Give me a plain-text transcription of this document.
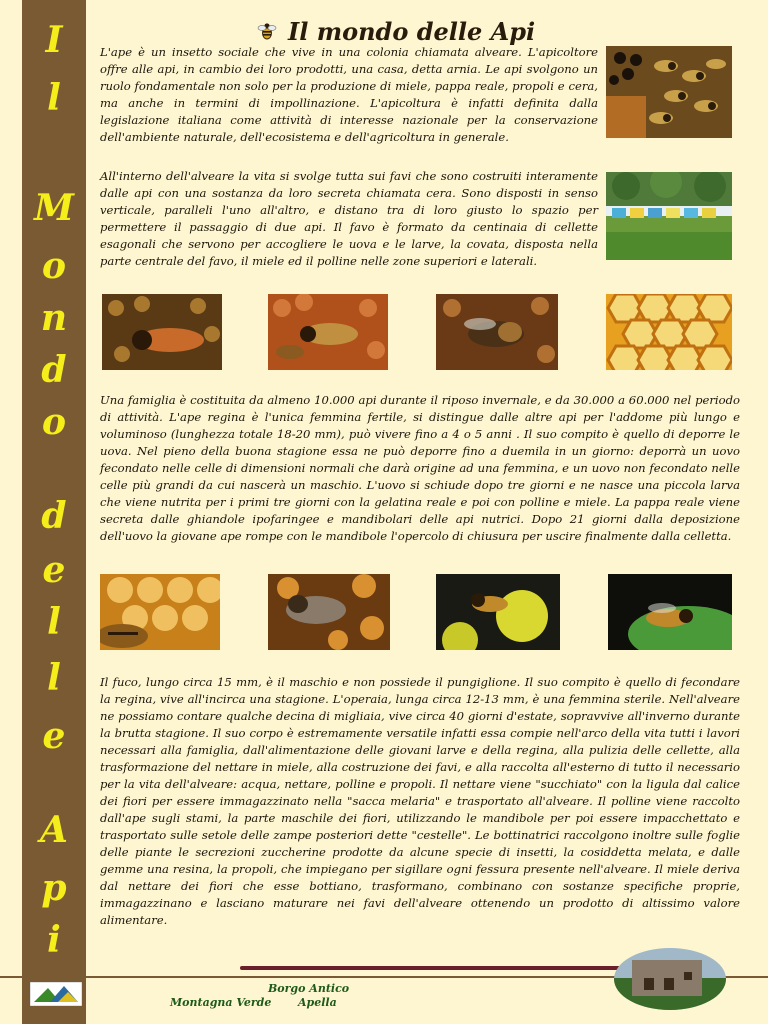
I
l
M
o
n
d
o
d
e
l
l
e
A
p
i
Il mondo delle Api
L'ape è un insetto sociale che vive in una colonia chiamata alveare. L'apicoltore offre alle api, in cambio dei loro prodotti, una casa, detta arnia. Le api svolgono un ruolo fondamentale non solo per la produzione di miele, pappa reale, propoli e cera, ma anche in termini di impollinazione. L'apicoltura è infatti definita dalla legislazione italiana come attività di interesse nazionale per la conservazione dell'ambiente naturale, dell'ecosistema e dell'agricoltura in generale.
All'interno dell'alveare la vita si svolge tutta sui favi che sono costruiti interamente dalle api con una sostanza da loro secreta chiamata cera. Sono disposti in senso verticale, paralleli l'uno all'altro, e distano tra di loro giusto lo spazio per permettere il passaggio di due api. Il favo è formato da centinaia di cellette esagonali che servono per accogliere le uova e le larve, la covata, disposta nella parte centrale del favo, il miele ed il polline nelle zone superiori e laterali.
Una famiglia è costituita da almeno 10.000 api durante il riposo invernale, e da 30.000 a 60.000 nel periodo di attività. L'ape regina è l'unica femmina fertile, si distingue dalle altre api per l'addome più lungo e voluminoso (lunghezza totale 18-20 mm), può vivere fino a 4 o 5 anni . Il suo compito è quello di deporre le uova. Nel pieno della buona stagione essa ne può deporre fino a duemila in un giorno: deporrà un uovo fecondato nelle celle di dimensioni normali che darà origine ad una femmina, e un uovo non fecondato nelle celle più grandi da cui nascerà un maschio. L'uovo si schiude dopo tre giorni e ne nasce una piccola larva che viene nutrita per i primi tre giorni con la gelatina reale e poi con polline e miele. La pappa reale viene secreta dalle ghiandole ipofaringee e mandibolari delle api nutrici. Dopo 21 giorni dalla deposizione dell'uovo la giovane ape rompe con le mandibole l'opercolo di chiusura per uscire finalmente dalla celletta.
Il fuco, lungo circa 15 mm, è il maschio e non possiede il pungiglione. Il suo compito è quello di fecondare la regina, vive all'incirca una stagione. L'operaia, lunga circa 12-13 mm, è una femmina sterile. Nell'alveare ne possiamo contare qualche decina di migliaia, vive circa 40 giorni d'estate, sopravvive all'inverno durante la brutta stagione. Il suo corpo è estremamente versatile infatti essa compie nell'arco della vita tutti i lavori necessari alla famiglia, dall'alimentazione delle giovani larve e della regina, alla pulizia delle cellette, alla trasformazione del nettare in miele, alla costruzione dei favi, e alla raccolta all'esterno di tutto il necessario per la vita dell'alveare: acqua, nettare, polline e propoli. Il nettare viene "succhiato" con la ligula dal calice dei fiori per essere immagazzinato nella "sacca melaria" e trasportato all'alveare. Il polline viene raccolto dall'ape sugli stami, la parte maschile dei fiori, utilizzando le mandibole per poi essere impacchettato e trasportato sulle setole delle zampe posteriori dette "cestelle". Le bottinatrici raccolgono inoltre sulle foglie delle piante le secrezioni zuccherine prodotte da alcune specie di insetti, la cosiddetta melata, e dalle gemme una resina, la propoli, che impiegano per sigillare ogni fessura presente nell'alveare. Il miele deriva dal nettare dei fiori che esse bottiano, trasformano, combinano con sostanze specifiche proprie, immagazzinano e lasciano maturare nei favi dell'alveare ottenendo un prodotto di altissimo valore alimentare.
Borgo Antico
Montagna Verde Apella
